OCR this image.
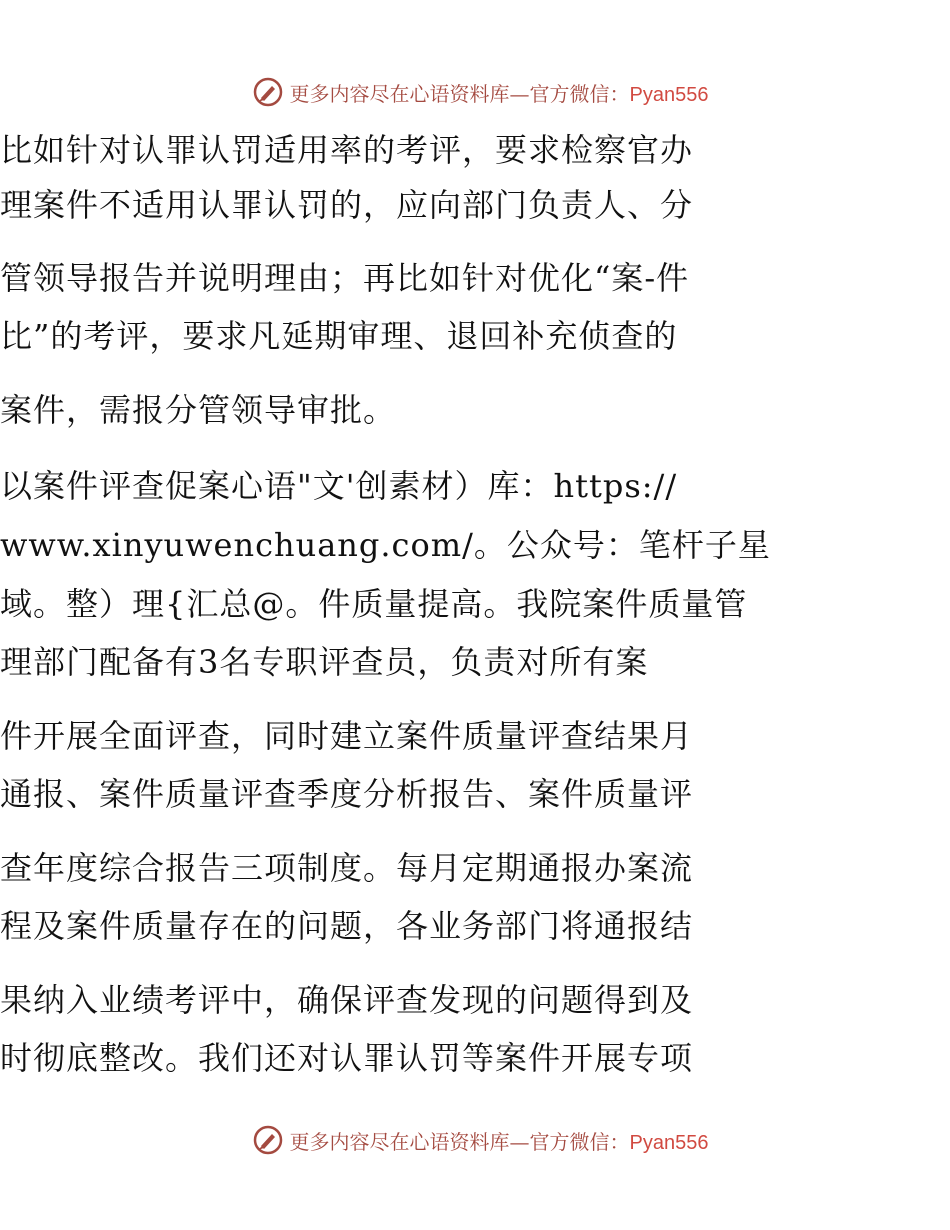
更多内容尽在心语资料库—官方微信：Pyan556
比如针对认罪认罚适用率的考评，要求检察官办
理案件不适用认罪认罚的，应向部门负责人、分
管领导报告并说明理由；再比如针对优化“案-件
比”的考评，要求凡延期审理、退回补充侦查的
案件，需报分管领导审批。
以案件评查促案心语"文'创素材）库：https://
www.xinyuwenchuang.com/。公众号：笔杆子星
域。整）理{汇总@。件质量提高。我院案件质量管
理部门配备有3名专职评查员，负责对所有案
件开展全面评查，同时建立案件质量评查结果月
通报、案件质量评查季度分析报告、案件质量评
查年度综合报告三项制度。每月定期通报办案流
程及案件质量存在的问题，各业务部门将通报结
果纳入业绩考评中，确保评查发现的问题得到及
时彻底整改。我们还对认罪认罚等案件开展专项
更多内容尽在心语资料库—官方微信：Pyan556
